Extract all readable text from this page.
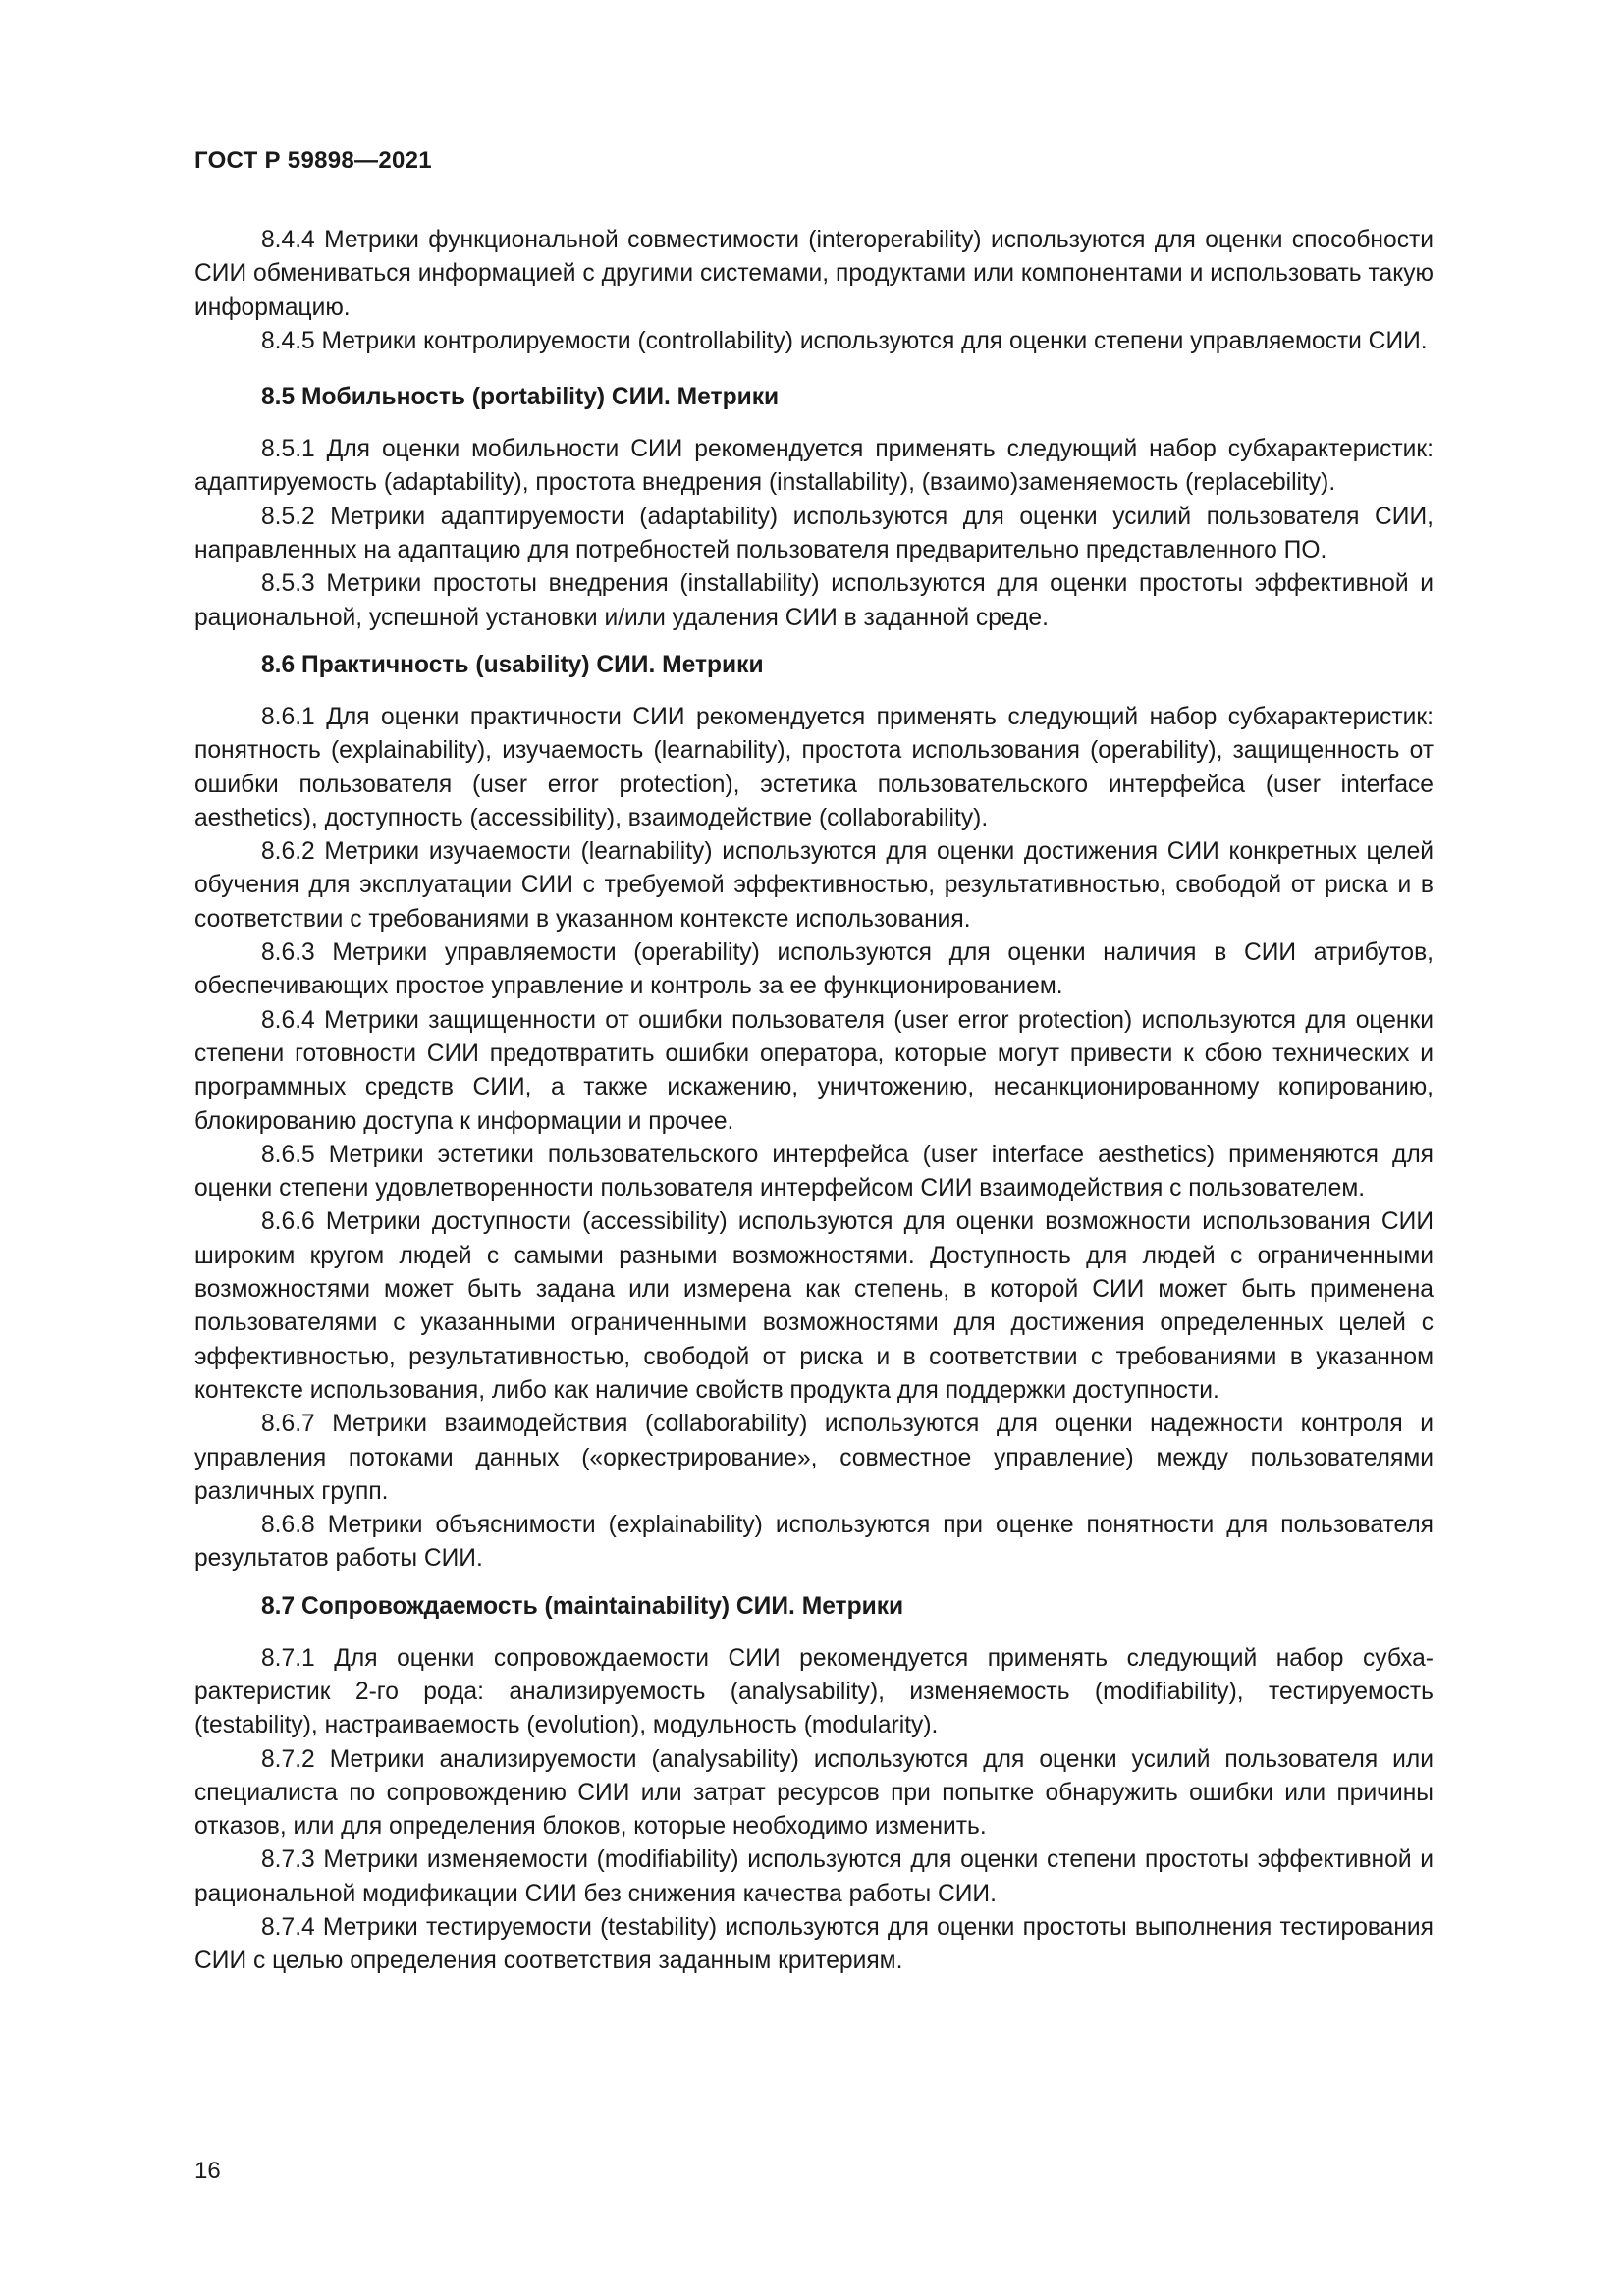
ГОСТ Р 59898—2021

8.4.4 Метрики функциональной совместимости (interoperability) используются для оценки способности СИИ обмениваться информацией с другими системами, продуктами или компонентами и использовать такую информацию.

8.4.5 Метрики контролируемости (controllability) используются для оценки степени управляемости СИИ.

8.5 Мобильность (portability) СИИ. Метрики

8.5.1 Для оценки мобильности СИИ рекомендуется применять следующий набор субхарактеристик: адаптируемость (adaptability), простота внедрения (installability), (взаимо)заменяемость (replacebility).

8.5.2 Метрики адаптируемости (adaptability) используются для оценки усилий пользователя СИИ, направленных на адаптацию для потребностей пользователя предварительно представленного ПО.

8.5.3 Метрики простоты внедрения (installability) используются для оценки простоты эффективной и рациональной, успешной установки и/или удаления СИИ в заданной среде.

8.6 Практичность (usability) СИИ. Метрики

8.6.1 Для оценки практичности СИИ рекомендуется применять следующий набор субхарактеристик: понятность (explainability), изучаемость (learnability), простота использования (operability), защищенность от ошибки пользователя (user error protection), эстетика пользовательского интерфейса (user interface aesthetics), доступность (accessibility), взаимодействие (collaborability).

8.6.2 Метрики изучаемости (learnability) используются для оценки достижения СИИ конкретных целей обучения для эксплуатации СИИ с требуемой эффективностью, результативностью, свободой от риска и в соответствии с требованиями в указанном контексте использования.

8.6.3 Метрики управляемости (operability) используются для оценки наличия в СИИ атрибутов, обеспечивающих простое управление и контроль за ее функционированием.

8.6.4 Метрики защищенности от ошибки пользователя (user error protection) используются для оценки степени готовности СИИ предотвратить ошибки оператора, которые могут привести к сбою технических и программных средств СИИ, а также искажению, уничтожению, несанкционированному копированию, блокированию доступа к информации и прочее.

8.6.5 Метрики эстетики пользовательского интерфейса (user interface aesthetics) применяются для оценки степени удовлетворенности пользователя интерфейсом СИИ взаимодействия с пользователем.

8.6.6 Метрики доступности (accessibility) используются для оценки возможности использования СИИ широким кругом людей с самыми разными возможностями. Доступность для людей с ограниченными возможностями может быть задана или измерена как степень, в которой СИИ может быть применена пользователями с указанными ограниченными возможностями для достижения определенных целей с эффективностью, результативностью, свободой от риска и в соответствии с требованиями в указанном контексте использования, либо как наличие свойств продукта для поддержки доступности.

8.6.7 Метрики взаимодействия (collaborability) используются для оценки надежности контроля и управления потоками данных («оркестрирование», совместное управление) между пользователями различных групп.

8.6.8 Метрики объяснимости (explainability) используются при оценке понятности для пользователя результатов работы СИИ.

8.7 Сопровождаемость (maintainability) СИИ. Метрики

8.7.1 Для оценки сопровождаемости СИИ рекомендуется применять следующий набор субхарактеристик 2-го рода: анализируемость (analysability), изменяемость (modifiability), тестируемость (testability), настраиваемость (evolution), модульность (modularity).

8.7.2 Метрики анализируемости (analysability) используются для оценки усилий пользователя или специалиста по сопровождению СИИ или затрат ресурсов при попытке обнаружить ошибки или причины отказов, или для определения блоков, которые необходимо изменить.

8.7.3 Метрики изменяемости (modifiability) используются для оценки степени простоты эффективной и рациональной модификации СИИ без снижения качества работы СИИ.

8.7.4 Метрики тестируемости (testability) используются для оценки простоты выполнения тестирования СИИ с целью определения соответствия заданным критериям.

16
